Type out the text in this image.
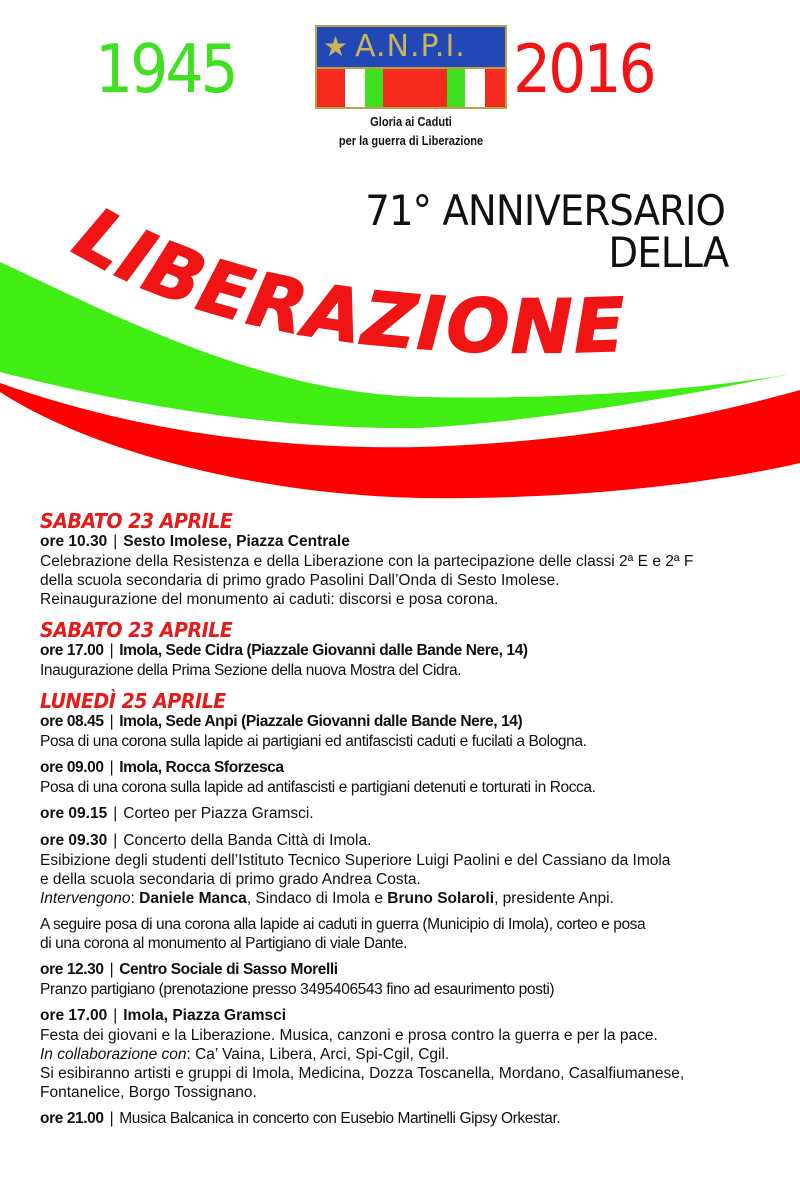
1945	★ A.N.P.I. 2016
Gloria ai Caduti
per la guerra di Liberazione
71° ANNIVERSARIO
DELLA
LIBERAZIONE
SABATO 23 APRILE
ore 10.30 | Sesto Imolese, Piazza Centrale
Celebrazione della Resistenza e della Liberazione con la partecipazione delle classi 2ª E e 2ª F
della scuola secondaria di primo grado Pasolini Dall’Onda di Sesto Imolese.
Reinaugurazione del monumento ai caduti: discorsi e posa corona.
SABATO 23 APRILE
ore 17.00 | Imola, Sede Cidra (Piazzale Giovanni dalle Bande Nere, 14)
Inaugurazione della Prima Sezione della nuova Mostra del Cidra.
LUNEDÌ 25 APRILE
ore 08.45 | Imola, Sede Anpi (Piazzale Giovanni dalle Bande Nere, 14)
Posa di una corona sulla lapide ai partigiani ed antifascisti caduti e fucilati a Bologna.
ore 09.00 | Imola, Rocca Sforzesca
Posa di una corona sulla lapide ad antifascisti e partigiani detenuti e torturati in Rocca.
ore 09.15 | Corteo per Piazza Gramsci.
ore 09.30 | Concerto della Banda Città di Imola.
Esibizione degli studenti dell’Istituto Tecnico Superiore Luigi Paolini e del Cassiano da Imola
e della scuola secondaria di primo grado Andrea Costa.
Intervengono: Daniele Manca, Sindaco di Imola e Bruno Solaroli, presidente Anpi.
A seguire posa di una corona alla lapide ai caduti in guerra (Municipio di Imola), corteo e posa
di una corona al monumento al Partigiano di viale Dante.
ore 12.30 | Centro Sociale di Sasso Morelli
Pranzo partigiano (prenotazione presso 3495406543 fino ad esaurimento posti)
ore 17.00 | Imola, Piazza Gramsci
Festa dei giovani e la Liberazione. Musica, canzoni e prosa contro la guerra e per la pace.
In collaborazione con: Ca’ Vaina, Libera, Arci, Spi-Cgil, Cgil.
Si esibiranno artisti e gruppi di Imola, Medicina, Dozza Toscanella, Mordano, Casalfiumanese,
Fontanelice, Borgo Tossignano.
ore 21.00 | Musica Balcanica in concerto con Eusebio Martinelli Gipsy Orkestar.
